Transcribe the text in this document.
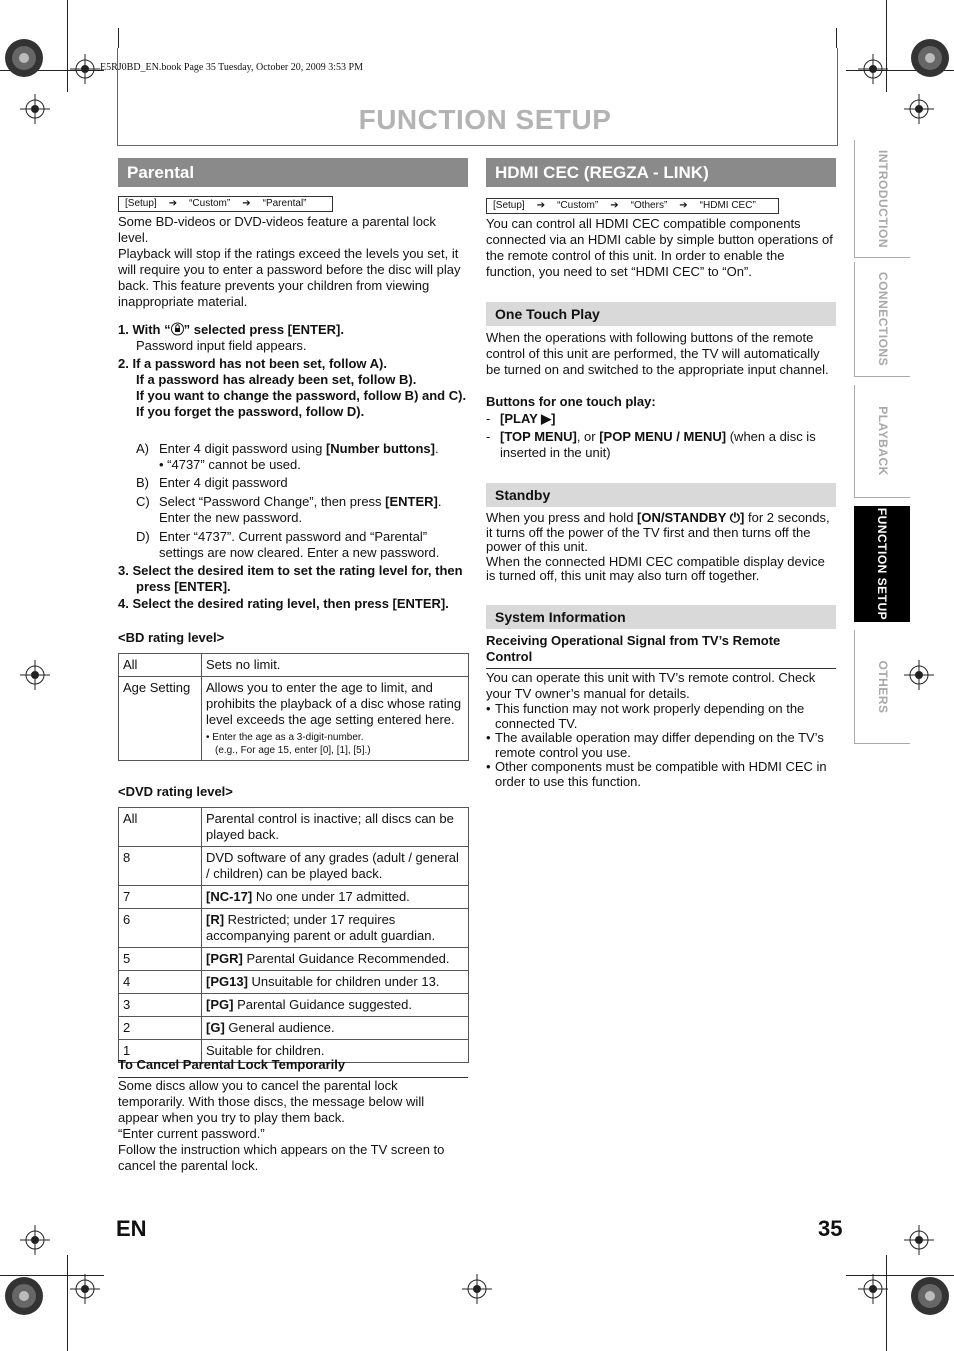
E5RJ0BD_EN.book Page 35 Tuesday, October 20, 2009 3:53 PM
FUNCTION SETUP
INTRODUCTION
CONNECTIONS
PLAYBACK
FUNCTION SETUP
OTHERS
Parental
[Setup] ➔ “Custom” ➔ “Parental”

Some BD-videos or DVD-videos feature a parental lock level.

Playback will stop if the ratings exceed the levels you set, it will require you to enter a password before the disc will play back. This feature prevents your children from viewing inappropriate material.

1. With “ ” selected press [ENTER].
Password input field appears.

2. If a password has not been set, follow A).

If a password has already been set, follow B).

If you want to change the password, follow B) and C).

If you forget the password, follow D).

A) Enter 4 digit password using [Number buttons].
• “4737” cannot be used.
B) Enter 4 digit password
C) Select “Password Change”, then press [ENTER]. Enter the new password.
D) Enter “4737”. Current password and “Parental” settings are now cleared. Enter a new password.
3. Select the desired item to set the rating level for, then press [ENTER].
4. Select the desired rating level, then press [ENTER].
<BD rating level>
All	Sets no limit.
Age Setting	Allows you to enter the age to limit, and prohibits the playback of a disc whose rating level exceeds the age setting entered here.
• Enter the age as a 3-digit-number.
(e.g., For age 15, enter [0], [1], [5].)
<DVD rating level>
All	Parental control is inactive; all discs can be played back.
8	DVD software of any grades (adult / general / children) can be played back.
7	[NC-17] No one under 17 admitted.
6	[R] Restricted; under 17 requires accompanying parent or adult guardian.
5	[PGR] Parental Guidance Recommended.
4	[PG13] Unsuitable for children under 13.
3	[PG] Parental Guidance suggested.
2	[G] General audience.
1	Suitable for children.
To Cancel Parental Lock Temporarily

Some discs allow you to cancel the parental lock temporarily. With those discs, the message below will appear when you try to play them back.

“Enter current password.”

Follow the instruction which appears on the TV screen to cancel the parental lock.

HDMI CEC (REGZA - LINK)
[Setup] ➔ “Custom” ➔ “Others” ➔ “HDMI CEC”
You can control all HDMI CEC compatible components connected via an HDMI cable by simple button operations of the remote control of this unit. In order to enable the function, you need to set “HDMI CEC” to “On”.
One Touch Play
When the operations with following buttons of the remote control of this unit are performed, the TV will automatically be turned on and switched to the appropriate input channel.
Buttons for one touch play:
- [PLAY ▶]
- [TOP MENU], or [POP MENU / MENU] (when a disc is inserted in the unit)
Standby

When you press and hold [ON/STANDBY ⏻] for 2 seconds, it turns off the power of the TV first and then turns off the power of this unit.

When the connected HDMI CEC compatible display device is turned off, this unit may also turn off together.

System Information
Receiving Operational Signal from TV’s Remote Control
You can operate this unit with TV’s remote control. Check your TV owner’s manual for details.
• This function may not work properly depending on the connected TV.
• The available operation may differ depending on the TV’s remote control you use.
• Other components must be compatible with HDMI CEC in order to use this function.
EN	35
